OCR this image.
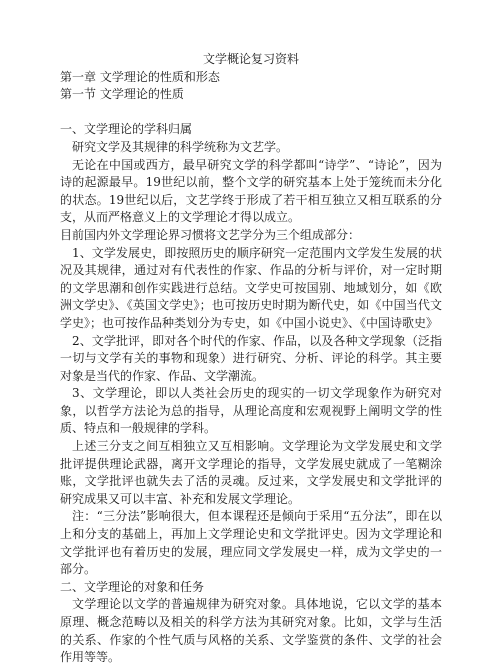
文学概论复习资料

第一章 文学理论的性质和形态

第一节 文学理论的性质

一、文学理论的学科归属

研究文学及其规律的科学统称为文艺学。

无论在中国或西方，最早研究文学的科学都叫“诗学”、“诗论”，因为诗的起源最早。19世纪以前，整个文学的研究基本上处于笼统而未分化的状态。19世纪以后，文艺学终于形成了若干相互独立又相互联系的分支，从而严格意义上的文学理论才得以成立。

目前国内外文学理论界习惯将文艺学分为三个组成部分：

1、文学发展史，即按照历史的顺序研究一定范围内文学发生发展的状况及其规律，通过对有代表性的作家、作品的分析与评价，对一定时期的文学思潮和创作实践进行总结。文学史可按国别、地域划分，如《欧洲文学史》、《英国文学史》；也可按历史时期为断代史，如《中国当代文学史》；也可按作品种类划分为专史，如《中国小说史》、《中国诗歌史》

2、文学批评，即对各个时代的作家、作品，以及各种文学现象（泛指一切与文学有关的事物和现象）进行研究、分析、评论的科学。其主要对象是当代的作家、作品、文学潮流。

3、文学理论，即以人类社会历史的现实的一切文学现象作为研究对象，以哲学方法论为总的指导，从理论高度和宏观视野上阐明文学的性质、特点和一般规律的学科。

上述三分支之间互相独立又互相影响。文学理论为文学发展史和文学批评提供理论武器，离开文学理论的指导，文学发展史就成了一笔糊涂账，文学批评也就失去了活的灵魂。反过来，文学发展史和文学批评的研究成果又可以丰富、补充和发展文学理论。

注：“三分法”影响很大，但本课程还是倾向于采用“五分法”，即在以上和分支的基础上，再加上文学理论史和文学批评史。因为文学理论和文学批评也有着历史的发展，理应同文学发展史一样，成为文学史的一部分。

二、文学理论的对象和任务

文学理论以文学的普遍规律为研究对象。具体地说，它以文学的基本原理、概念范畴以及相关的科学方法为其研究对象。比如，文学与生活的关系、作家的个性气质与风格的关系、文学鉴赏的条件、文学的社会作用等等。
